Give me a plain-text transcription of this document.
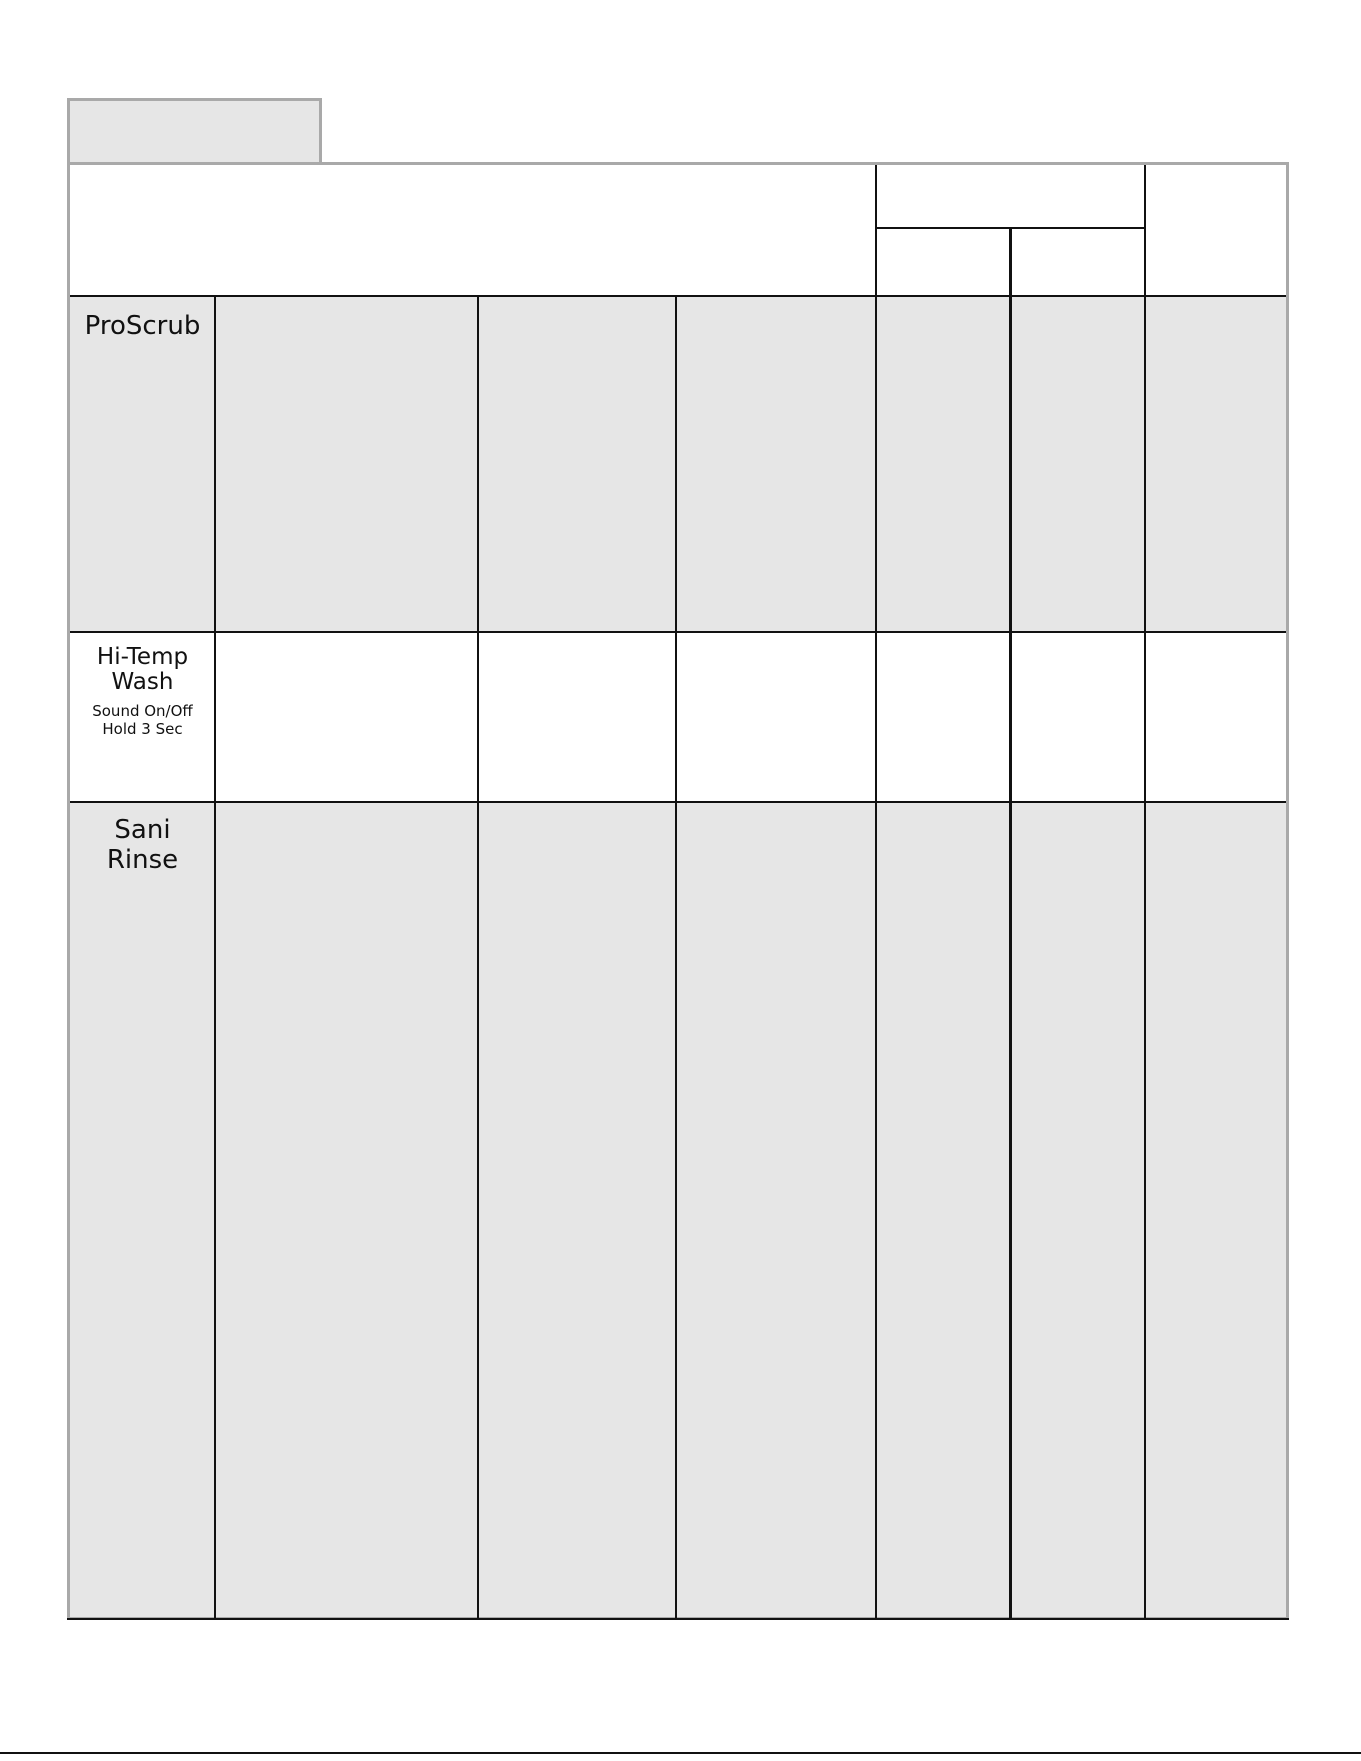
ProScrub
Hi-Temp
Wash
Sound On/Off
Hold 3 Sec
Sani
Rinse
